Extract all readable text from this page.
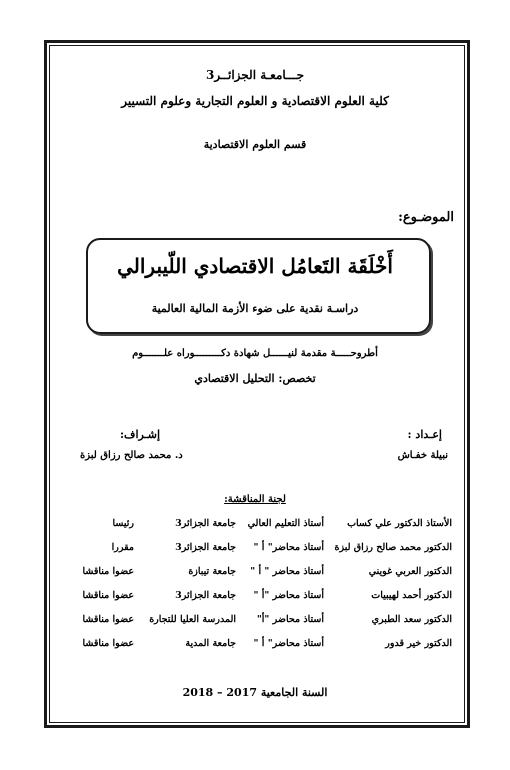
جـــامعـة الجزائــر3
كلية العلوم الاقتصادية و العلوم التجارية وعلوم التسيير
قسم العلوم الاقتصادية
الموضـوع:
أَخْلَقَة التَعامُل الاقتصادي اللّيبرالي
دراسـة نقدية على ضوء الأزمة المالية العالمية
أطروحـــــة مقدمة لنيــــــل شهادة دكـــــــــوراه علـــــــوم
تخصص: التحليل الاقتصادي
إعـداد :
نبيلة خفـاش
إشـراف:
د. محمد صالح رزاق لبزة
لجنة المناقشة:
الأستاذ الدكتور علي كساب
أستاذ التعليم العالي
جامعة الجزائر3
رئيسا
الدكتور محمد صالح رزاق لبزة
أستاذ محاضر" أ "
جامعة الجزائر3
مقررا
الدكتور العربي غويني
أستاذ محاضر " أ "
جامعة تيبازة
عضوا مناقشا
الدكتور أحمد لهيبيات
أستاذ محاضر "أ "
جامعة الجزائر3
عضوا مناقشا
الدكتور سعد الطبري
أستاذ محاضر "أ"
المدرسة العليا للتجارة
عضوا مناقشا
الدكتور خير قدور
أستاذ محاضر" أ "
جامعة المدية
عضوا مناقشا
السنة الجامعية 2017 – 2018
